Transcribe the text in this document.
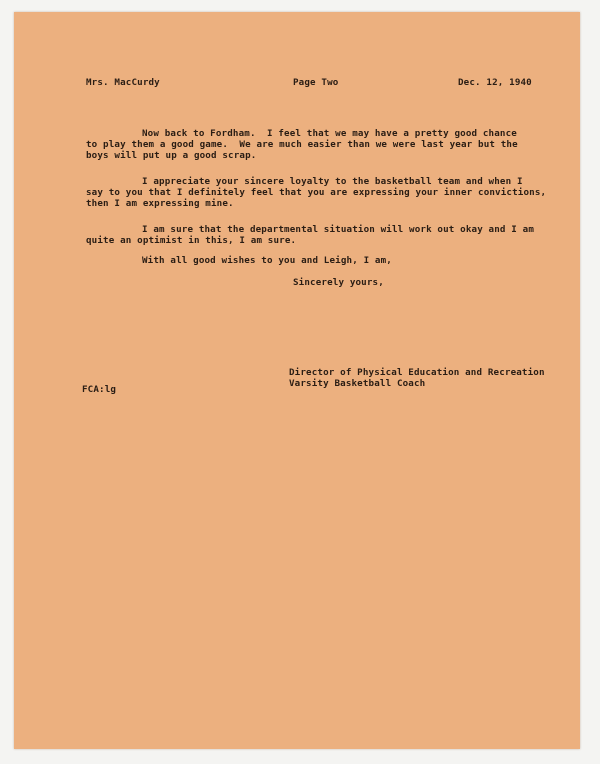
Mrs. MacCurdy	Page Two	Dec. 12, 1940
Now back to Fordham.  I feel that we may have a pretty good chance
to play them a good game.  We are much easier than we were last year but the
boys will put up a good scrap.
I appreciate your sincere loyalty to the basketball team and when I
say to you that I definitely feel that you are expressing your inner convictions,
then I am expressing mine.
I am sure that the departmental situation will work out okay and I am
quite an optimist in this, I am sure.
With all good wishes to you and Leigh, I am,
Sincerely yours,
Director of Physical Education and Recreation
Varsity Basketball Coach
FCA:lg
